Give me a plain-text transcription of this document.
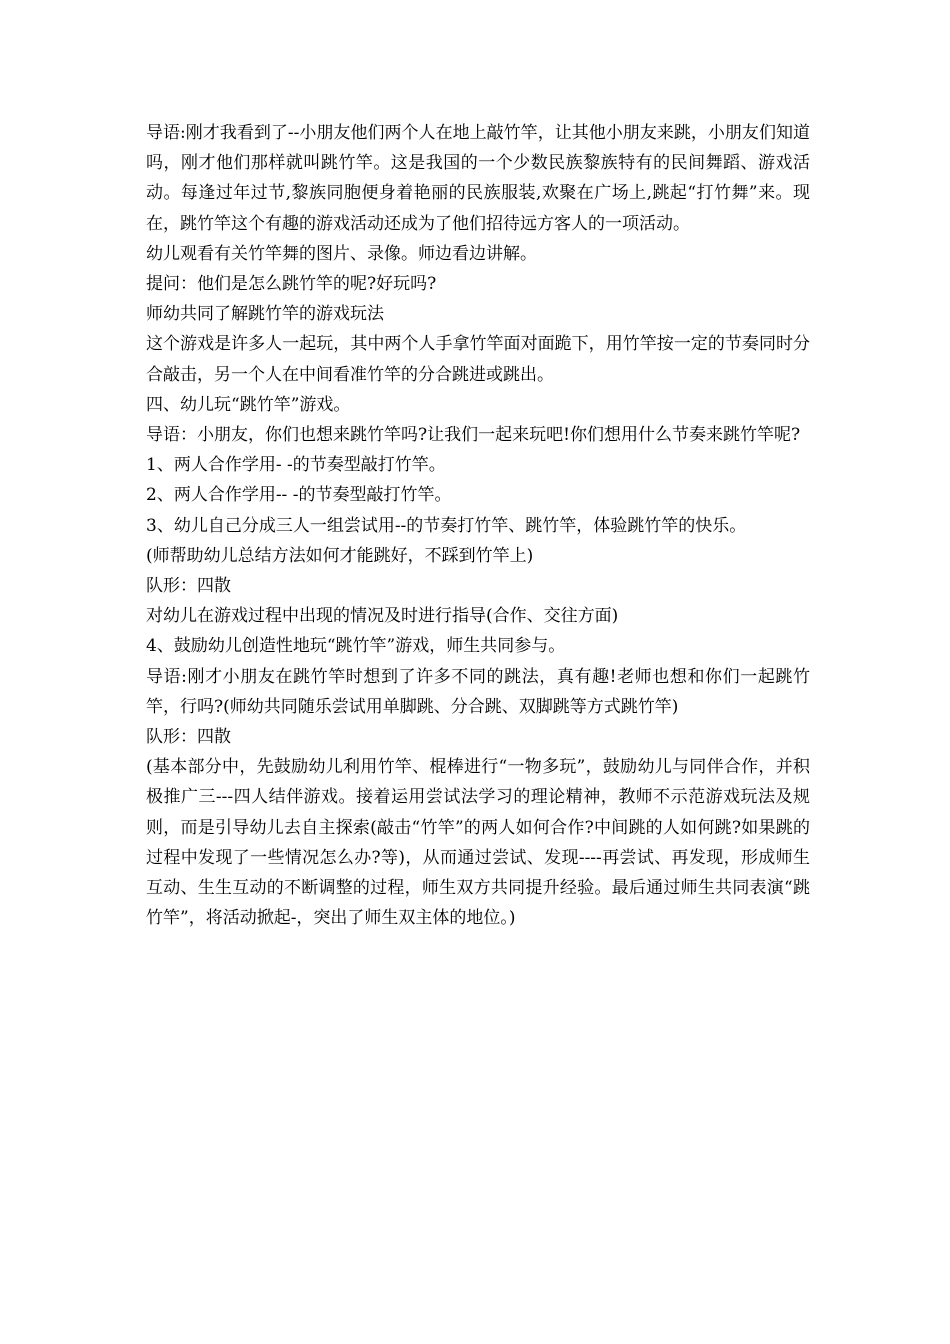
导语:刚才我看到了--小朋友他们两个人在地上敲竹竿，让其他小朋友来跳，小朋友们知道吗，刚才他们那样就叫跳竹竿。这是我国的一个少数民族黎族特有的民间舞蹈、游戏活动。每逢过年过节,黎族同胞便身着艳丽的民族服装,欢聚在广场上,跳起“打竹舞”来。现在，跳竹竿这个有趣的游戏活动还成为了他们招待远方客人的一项活动。

幼儿观看有关竹竿舞的图片、录像。师边看边讲解。

提问：他们是怎么跳竹竿的呢?好玩吗?

师幼共同了解跳竹竿的游戏玩法

这个游戏是许多人一起玩，其中两个人手拿竹竿面对面跪下，用竹竿按一定的节奏同时分合敲击，另一个人在中间看准竹竿的分合跳进或跳出。

四、幼儿玩“跳竹竿”游戏。

导语：小朋友，你们也想来跳竹竿吗?让我们一起来玩吧!你们想用什么节奏来跳竹竿呢?

1、两人合作学用- -的节奏型敲打竹竿。

2、两人合作学用-- -的节奏型敲打竹竿。

3、幼儿自己分成三人一组尝试用--的节奏打竹竿、跳竹竿，体验跳竹竿的快乐。

(师帮助幼儿总结方法如何才能跳好，不踩到竹竿上)

队形：四散

对幼儿在游戏过程中出现的情况及时进行指导(合作、交往方面)

4、鼓励幼儿创造性地玩“跳竹竿”游戏，师生共同参与。

导语:刚才小朋友在跳竹竿时想到了许多不同的跳法，真有趣!老师也想和你们一起跳竹竿，行吗?(师幼共同随乐尝试用单脚跳、分合跳、双脚跳等方式跳竹竿)

队形：四散

(基本部分中，先鼓励幼儿利用竹竿、棍棒进行“一物多玩”，鼓励幼儿与同伴合作，并积极推广三---四人结伴游戏。接着运用尝试法学习的理论精神，教师不示范游戏玩法及规则，而是引导幼儿去自主探索(敲击“竹竿”的两人如何合作?中间跳的人如何跳?如果跳的过程中发现了一些情况怎么办?等)，从而通过尝试、发现----再尝试、再发现，形成师生互动、生生互动的不断调整的过程，师生双方共同提升经验。最后通过师生共同表演“跳竹竿”，将活动掀起-，突出了师生双主体的地位。)
